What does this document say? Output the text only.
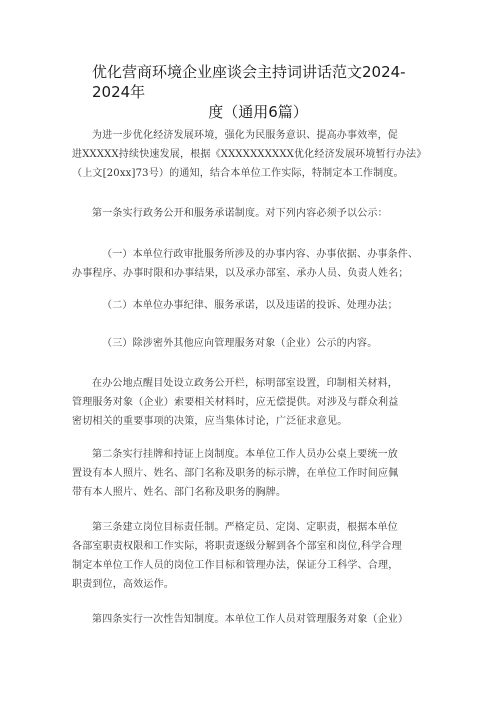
优化营商环境企业座谈会主持词讲话范文2024-2024年
度（通用6篇）

为进一步优化经济发展环境，强化为民服务意识、提高办事效率，促
进XXXXX持续快速发展，根据《XXXXXXXXXX优化经济发展环境暂行办法》
（上文[20xx]73号）的通知，结合本单位工作实际，特制定本工作制度。

第一条实行政务公开和服务承诺制度。对下列内容必须予以公示：

（一）本单位行政审批服务所涉及的办事内容、办事依据、办事条件、
办事程序、办事时限和办事结果，以及承办部室、承办人员、负责人姓名；

（二）本单位办事纪律、服务承诺，以及违诺的投诉、处理办法；

（三）除涉密外其他应向管理服务对象（企业）公示的内容。

在办公地点醒目处设立政务公开栏，标明部室设置，印制相关材料，
管理服务对象（企业）索要相关材料时，应无偿提供。对涉及与群众利益
密切相关的重要事项的决策，应当集体讨论，广泛征求意见。

第二条实行挂牌和持证上岗制度。本单位工作人员办公桌上要统一放
置设有本人照片、姓名、部门名称及职务的标示牌，在单位工作时间应佩
带有本人照片、姓名、部门名称及职务的胸牌。

第三条建立岗位目标责任制。严格定员、定岗、定职责，根据本单位
各部室职责权限和工作实际，将职责逐级分解到各个部室和岗位,科学合理
制定本单位工作人员的岗位工作目标和管理办法，保证分工科学、合理，
职责到位，高效运作。

第四条实行一次性告知制度。本单位工作人员对管理服务对象（企业）
